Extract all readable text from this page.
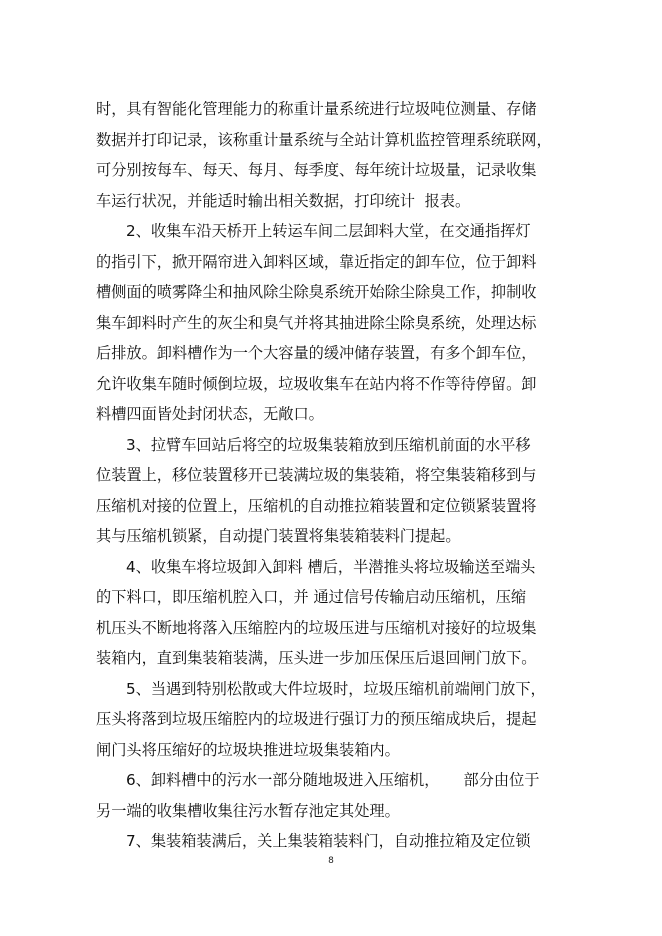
时，具有智能化管理能力的称重计量系统进行垃圾吨位测量、存储
数据并打印记录，该称重计量系统与全站计算机监控管理系统联网，
可分别按每车、每天、每月、每季度、每年统计垃圾量，记录收集
车运行状况，并能适时输出相关数据，打印统计  报表。
2、收集车沿天桥开上转运车间二层卸料大堂，在交通指挥灯
的指引下，掀开隔帘进入卸料区域，靠近指定的卸车位，位于卸料
槽侧面的喷雾降尘和抽风除尘除臭系统开始除尘除臭工作，抑制收
集车卸料时产生的灰尘和臭气并将其抽进除尘除臭系统，处理达标
后排放。卸料槽作为一个大容量的缓冲储存装置，有多个卸车位，
允许收集车随时倾倒垃圾，垃圾收集车在站内将不作等待停留。卸
料槽四面皆处封闭状态，无敞口。
3、拉臂车回站后将空的垃圾集装箱放到压缩机前面的水平移
位装置上，移位装置移开已装满垃圾的集装箱，将空集装箱移到与
压缩机对接的位置上，压缩机的自动推拉箱装置和定位锁紧装置将
其与压缩机锁紧，自动提门装置将集装箱装料门提起。
4、收集车将垃圾卸入卸料 槽后，半潜推头将垃圾输送至端头
的下料口，即压缩机腔入口，并 通过信号传输启动压缩机，压缩
机压头不断地将落入压缩腔内的垃圾压进与压缩机对接好的垃圾集
装箱内，直到集装箱装满，压头进一步加压保压后退回闸门放下。
5、当遇到特别松散或大件垃圾时，垃圾压缩机前端闸门放下，
压头将落到垃圾压缩腔内的垃圾进行强订力的预压缩成块后，提起
闸门头将压缩好的垃圾块推进垃圾集装箱内。
6、卸料槽中的污水一部分随地圾进入压缩机，     部分由位于
另一端的收集槽收集往污水暂存池定其处理。
7、集装箱装满后，关上集装箱装料门，自动推拉箱及定位锁
8
